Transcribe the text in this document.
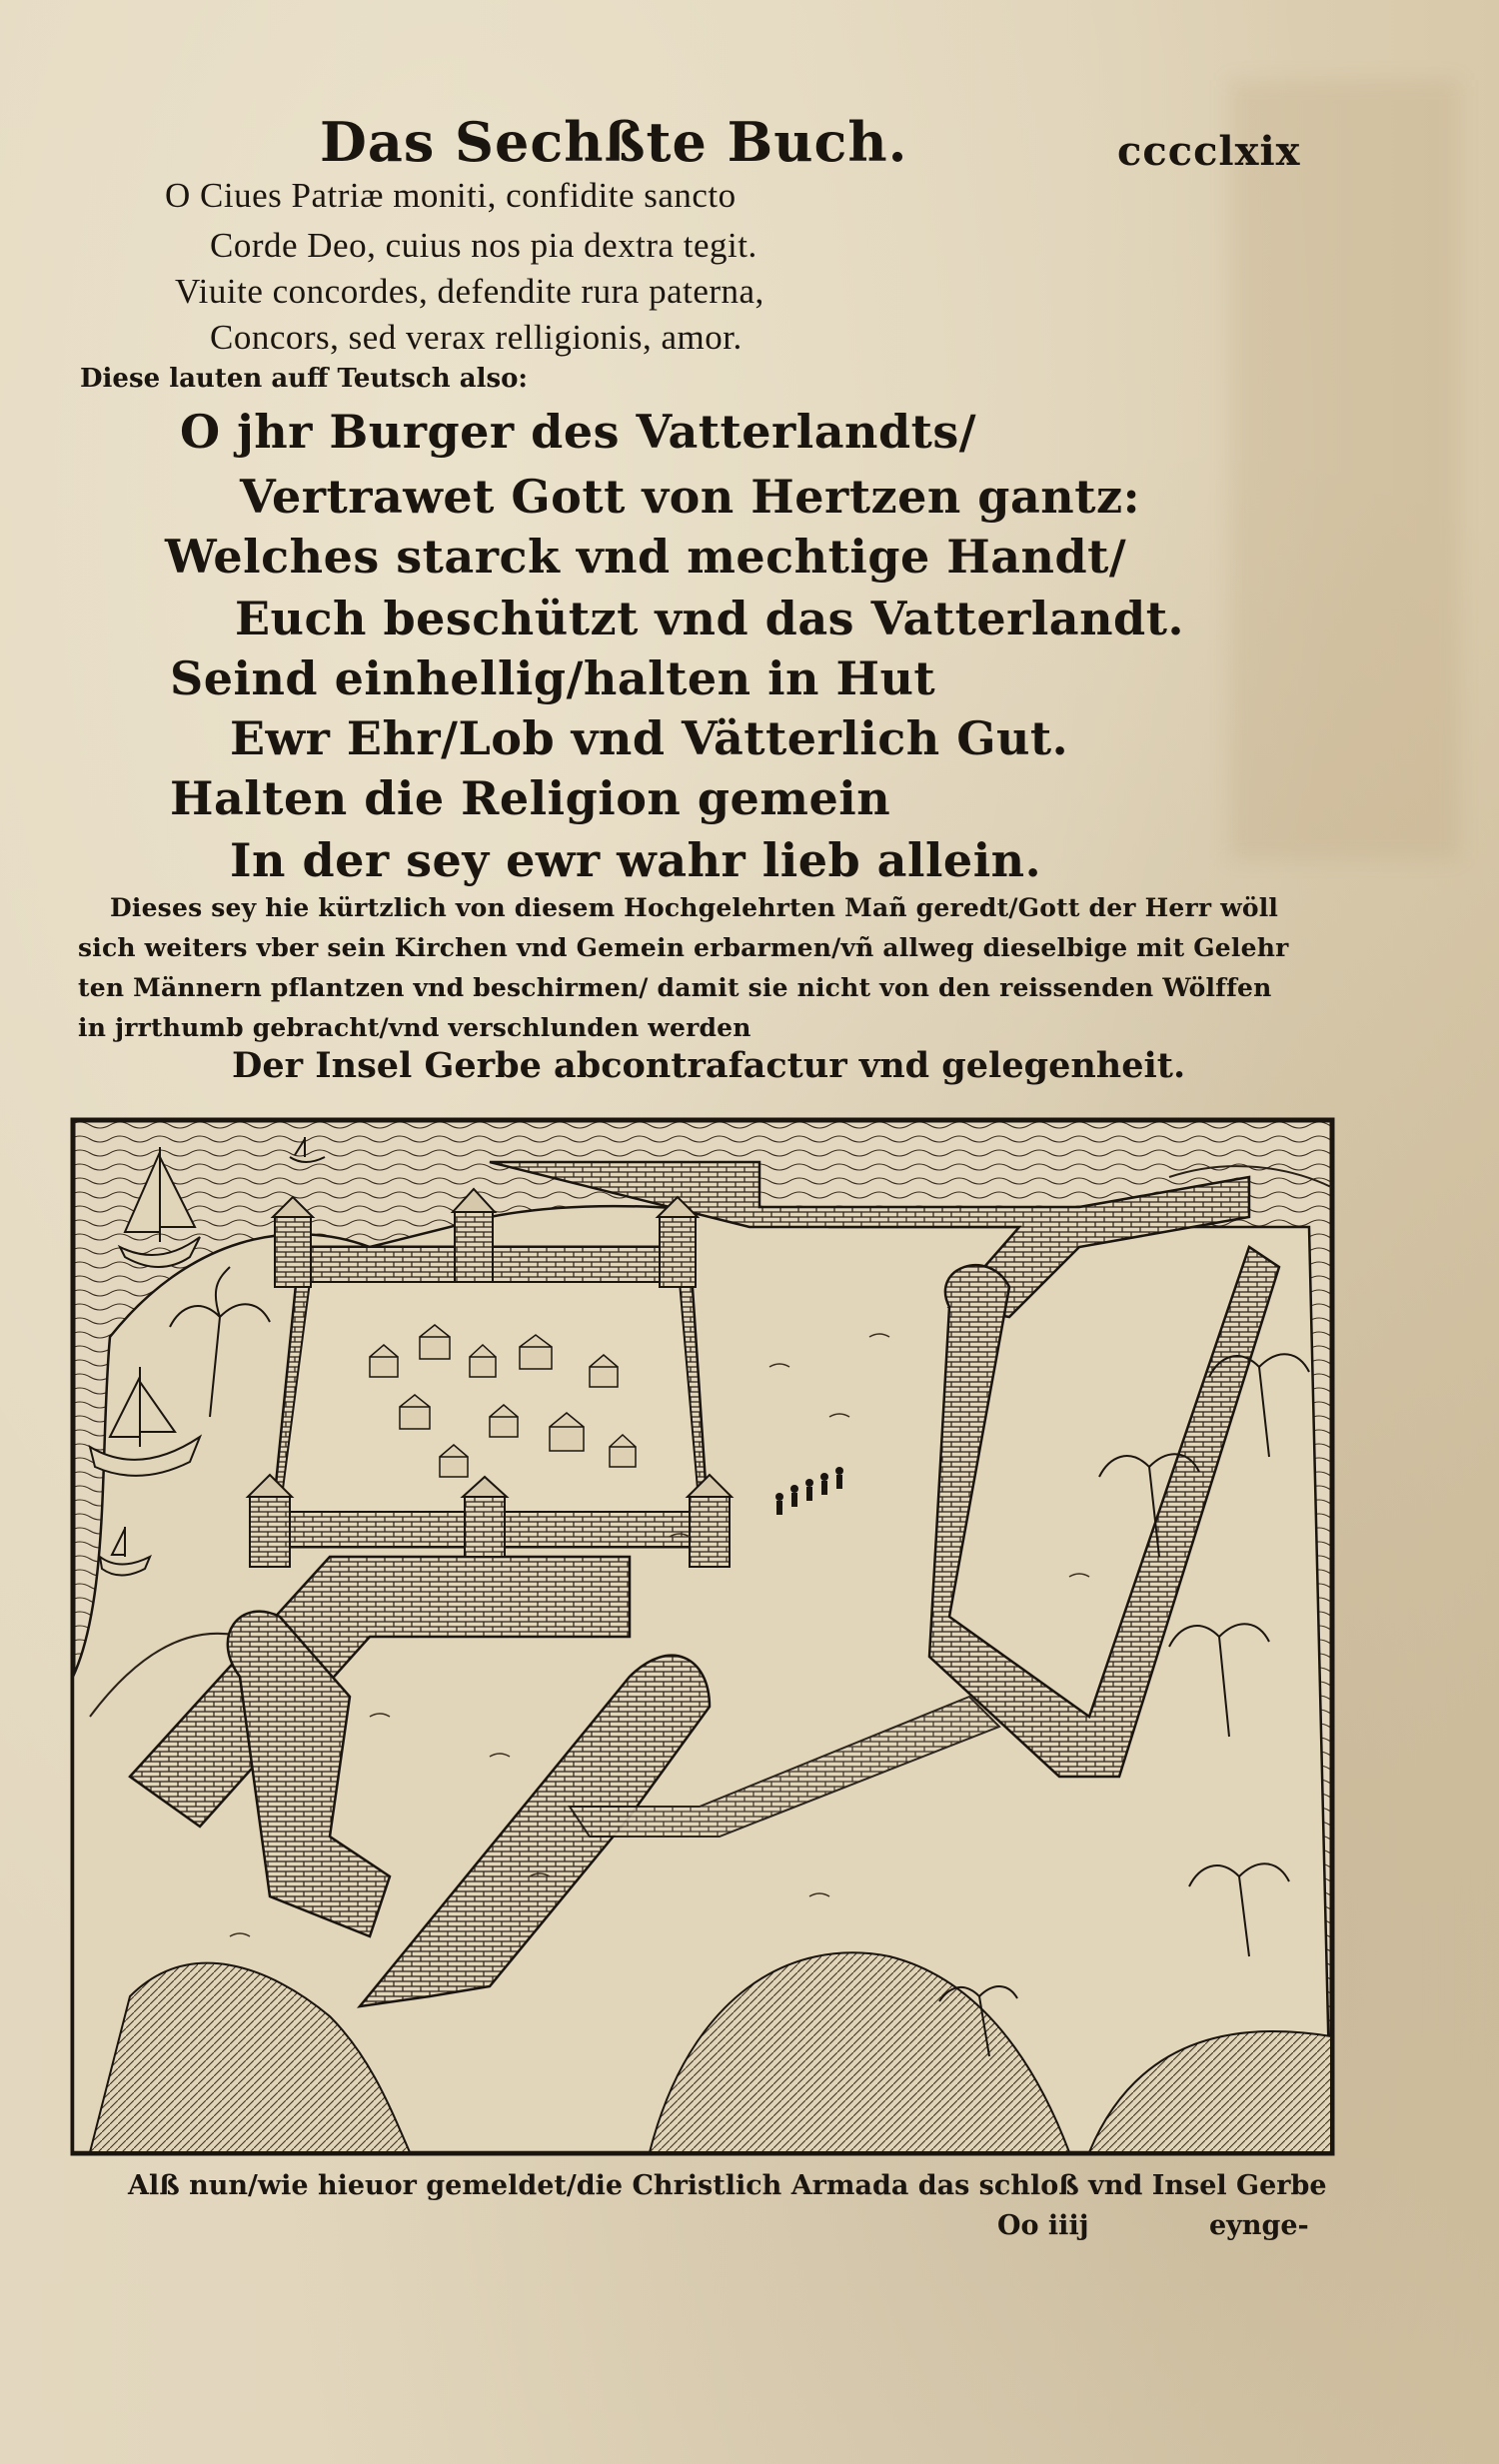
Das Sechßte Buch.	cccclxix
O Ciues Patriæ moniti, confidite sancto
Corde Deo, cuius nos pia dextra tegit.
Viuite concordes, defendite rura paterna,
Concors, sed verax relligionis, amor.
Diese lauten auff Teutsch also:
O jhr Burger des Vatterlandts/
Vertrawet Gott von Hertzen gantz:
Welches starck vnd mechtige Handt/
Euch beschützt vnd das Vatterlandt.
Seind einhellig/halten in Hut
Ewr Ehr/Lob vnd Vätterlich Gut.
Halten die Religion gemein
In der sey ewr wahr lieb allein.
Dieses sey hie kürtzlich von diesem Hochgelehrten Mañ geredt/Gott der Herr wöll
sich weiters vber sein Kirchen vnd Gemein erbarmen/vñ allweg dieselbige mit Gelehr
ten Männern pflantzen vnd beschirmen/ damit sie nicht von den reissenden Wölffen
in jrrthumb gebracht/vnd verschlunden werden
Der Insel Gerbe abcontrafactur vnd gelegenheit.
Alß nun/wie hieuor gemeldet/die Christlich Armada das schloß vnd Insel Gerbe
Oo iiij	eynge-
